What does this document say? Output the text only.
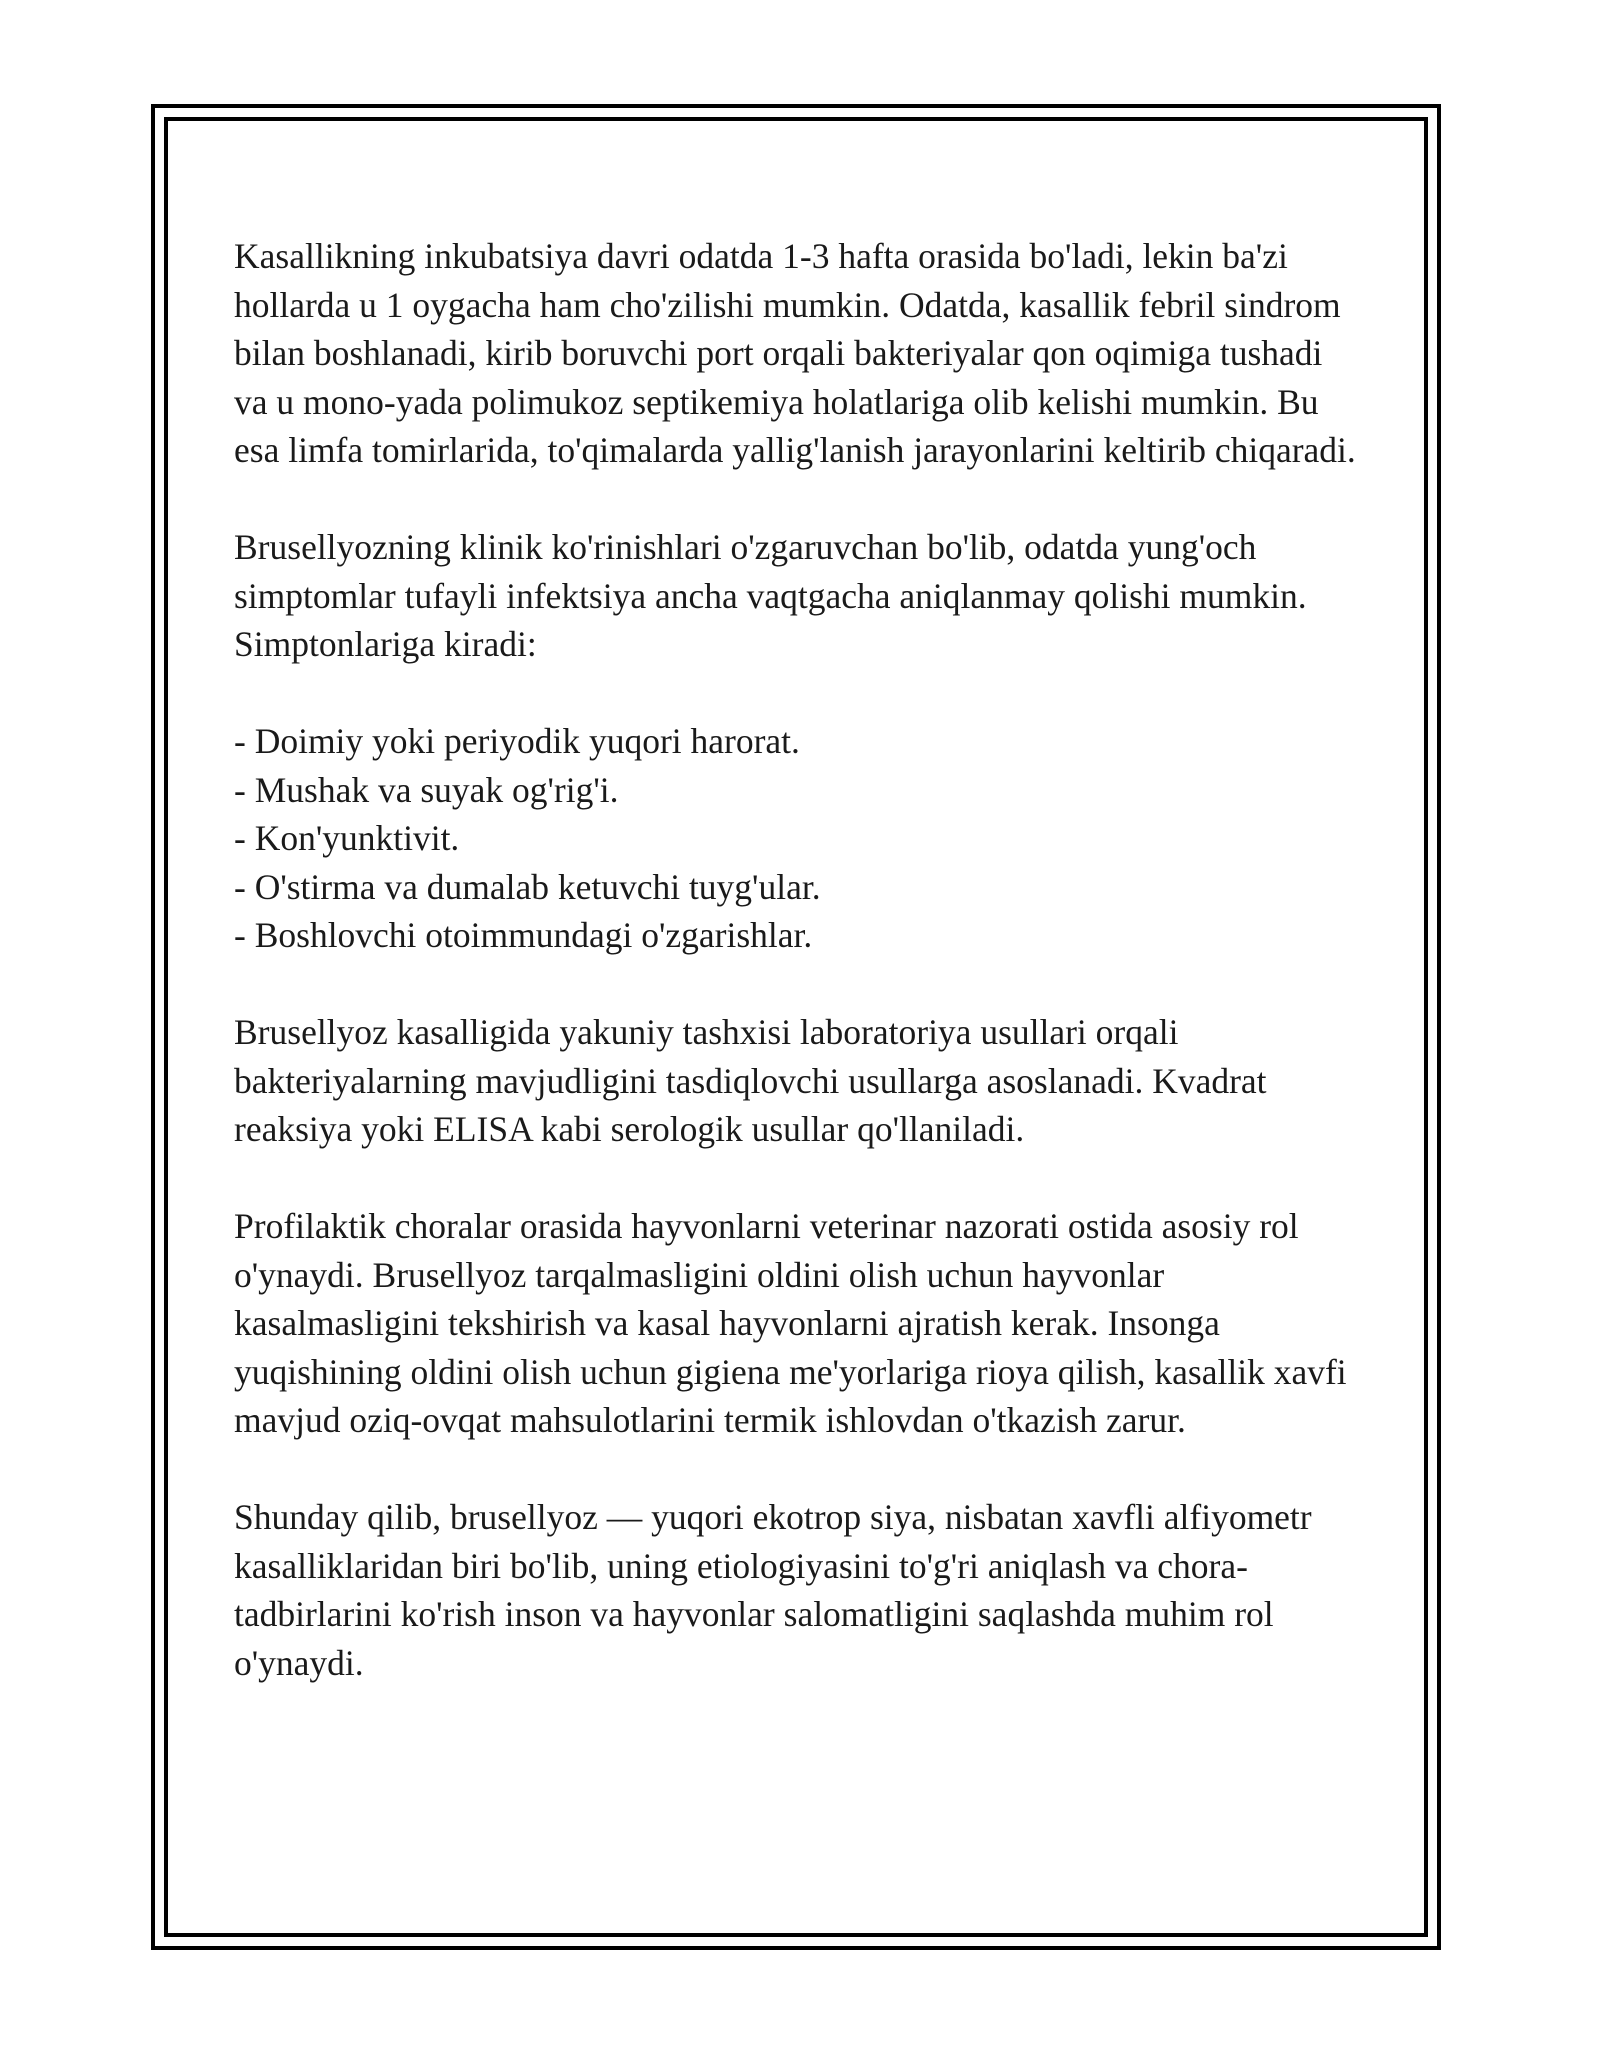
Kasallikning inkubatsiya davri odatda 1-3 hafta orasida bo'ladi, lekin ba'zi hollarda u 1 oygacha ham cho'zilishi mumkin. Odatda, kasallik febril sindrom bilan boshlanadi, kirib boruvchi port orqali bakteriyalar qon oqimiga tushadi va u mono-yada polimukoz septikemiya holatlariga olib kelishi mumkin. Bu esa limfa tomirlarida, to'qimalarda yallig'lanish jarayonlarini keltirib chiqaradi.

Brusellyozning klinik ko'rinishlari o'zgaruvchan bo'lib, odatda yung'och simptomlar tufayli infektsiya ancha vaqtgacha aniqlanmay qolishi mumkin. Simptonlariga kiradi:

- Doimiy yoki periyodik yuqori harorat.
- Mushak va suyak og'rig'i.
- Kon'yunktivit.
- O'stirma va dumalab ketuvchi tuyg'ular.
- Boshlovchi otoimmundagi o'zgarishlar.

Brusellyoz kasalligida yakuniy tashxisi laboratoriya usullari orqali bakteriyalarning mavjudligini tasdiqlovchi usullarga asoslanadi. Kvadrat reaksiya yoki ELISA kabi serologik usullar qo'llaniladi.

Profilaktik choralar orasida hayvonlarni veterinar nazorati ostida asosiy rol o'ynaydi. Brusellyoz tarqalmasligini oldini olish uchun hayvonlar kasalmasligini tekshirish va kasal hayvonlarni ajratish kerak. Insonga yuqishining oldini olish uchun gigiena me'yorlariga rioya qilish, kasallik xavfi mavjud oziq-ovqat mahsulotlarini termik ishlovdan o'tkazish zarur.

Shunday qilib, brusellyoz — yuqori ekotrop siya, nisbatan xavfli alfiyometr kasalliklaridan biri bo'lib, uning etiologiyasini to'g'ri aniqlash va chora-tadbirlarini ko'rish inson va hayvonlar salomatligini saqlashda muhim rol o'ynaydi.
